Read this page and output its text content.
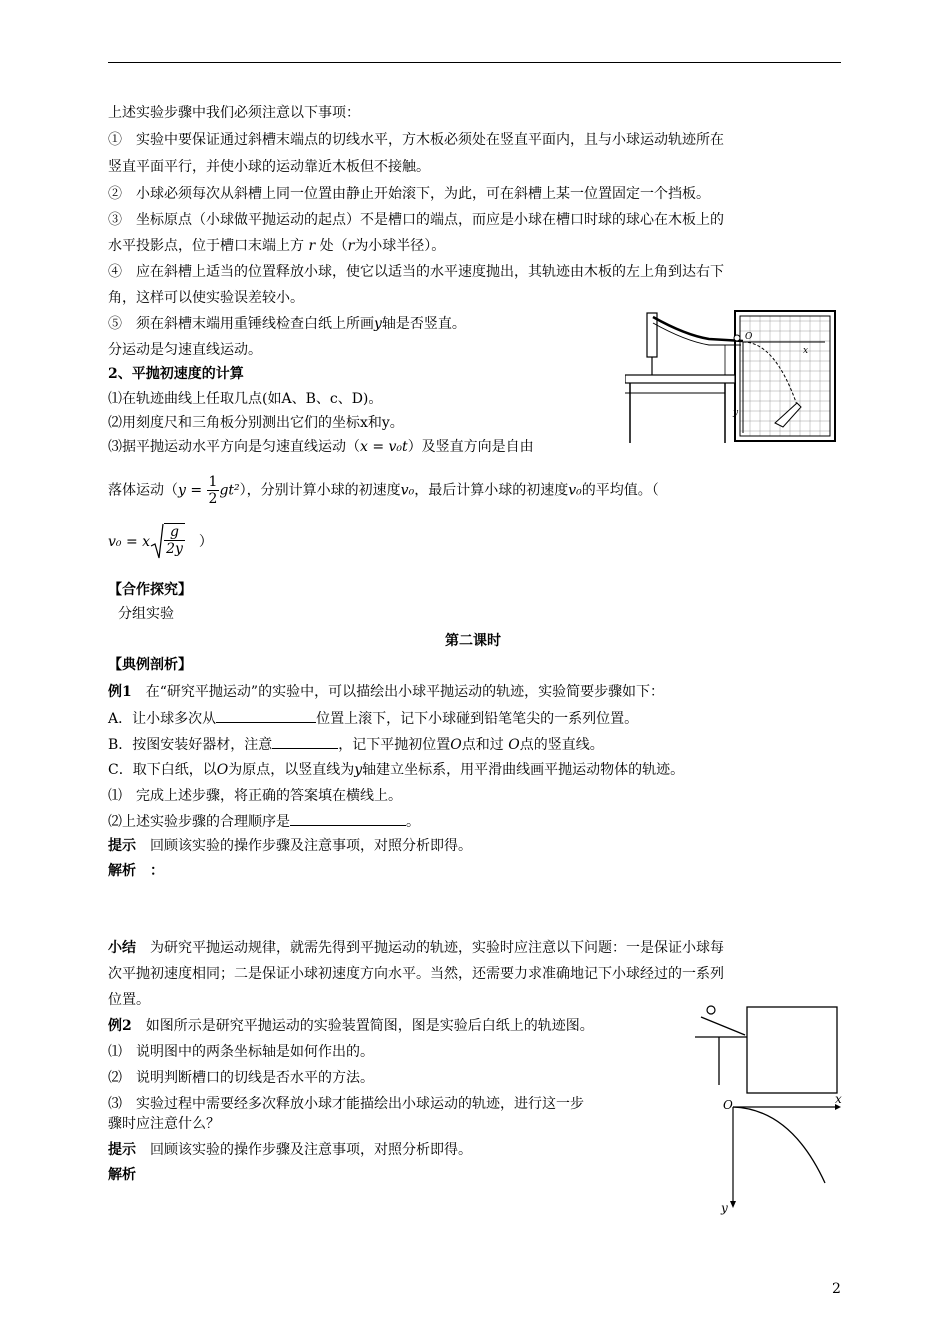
上述实验步骤中我们必须注意以下事项：
①　 实验中要保证通过斜槽末端点的切线水平，方木板必须处在竖直平面内，且与小球运动轨迹所在
竖直平面平行，并使小球的运动靠近木板但不接触。
②　 小球必须每次从斜槽上同一位置由静止开始滚下，为此，可在斜槽上某一位置固定一个挡板。
③　 坐标原点（小球做平抛运动的起点）不是槽口的端点，而应是小球在槽口时球的球心在木板上的
水平投影点，位于槽口末端上方 r 处（r为小球半径）。
④　 应在斜槽上适当的位置释放小球，使它以适当的水平速度抛出，其轨迹由木板的左上角到达右下
角，这样可以使实验误差较小。
⑤　 须在斜槽末端用重锤线检查白纸上所画y轴是否竖直。
分运动是匀速直线运动。
2、平抛初速度的计算
⑴在轨迹曲线上任取几点(如A、B、c、D)。
⑵用刻度尺和三角板分别测出它们的坐标x和y。
⑶据平抛运动水平方向是匀速直线运动（x = v₀t）及竖直方向是自由
落体运动$(y = \frac{1}{2} gt^2)$，分别计算小球的初速度v₀，最后计算小球的初速度v₀的平均值。（
v₀ = x $\frac{g}{2y}$
　 ）
【合作探究】
分组实验
第二课时
【典例剖析】
例1　 在“研究平抛运动”的实验中，可以描绘出小球平抛运动的轨迹，实验简要步骤如下：
A．让小球多次从	位置上滚下，记下小球碰到铅笔笔尖的一系列位置。
B．按图安装好器材，注意	，记下平抛初位置O点和过 O点的竖直线。
C．取下白纸，以O为原点，以竖直线为y轴建立坐标系，用平滑曲线画平抛运动物体的轨迹。
⑴　完成上述步骤，将正确的答案填在横线上。
⑵上述实验步骤的合理顺序是	。
提示　 回顾该实验的操作步骤及注意事项，对照分析即得。
解析　：
小结　 为研究平抛运动规律，就需先得到平抛运动的轨迹，实验时应注意以下问题：一是保证小球每
次平抛初速度相同；二是保证小球初速度方向水平。当然，还需要力求准确地记下小球经过的一系列
位置。
例2　 如图所示是研究平抛运动的实验装置简图，图是实验后白纸上的轨迹图。
⑴　说明图中的两条坐标轴是如何作出的。
⑵　说明判断槽口的切线是否水平的方法。
⑶　实验过程中需要经多次释放小球才能描绘出小球运动的轨迹，进行这一步
骤时应注意什么？
提示　 回顾该实验的操作步骤及注意事项，对照分析即得。
解析
O
x
y
O	x
y
2
